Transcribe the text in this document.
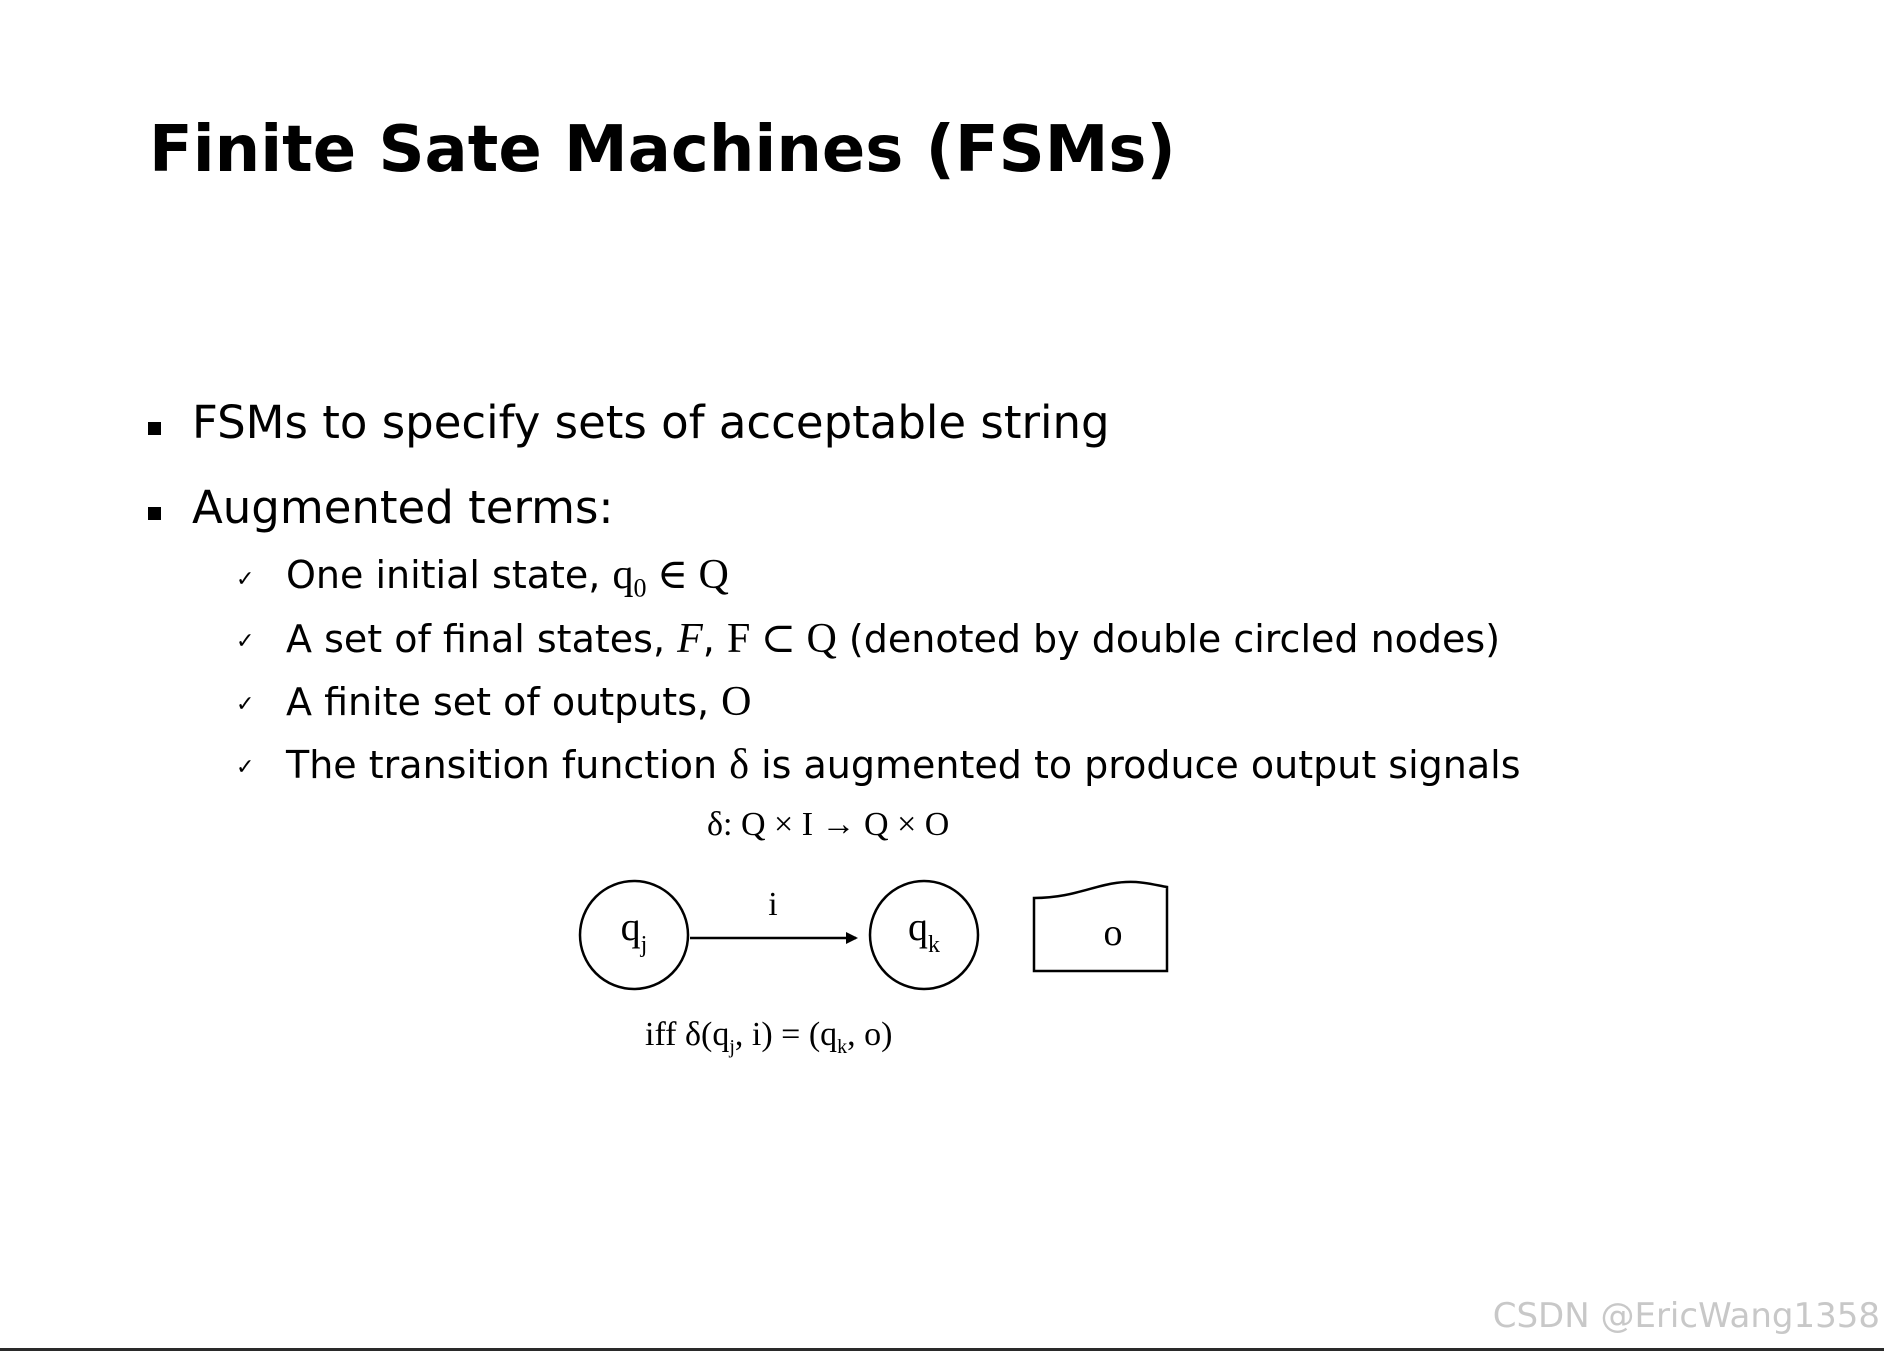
Finite Sate Machines (FSMs)
FSMs to specify sets of acceptable string
Augmented terms:
✓ One initial state, $q_0$ ∈ Q
✓ A set of final states, F, F ⊂ Q (denoted by double circled nodes)
✓ A finite set of outputs, O
✓ The transition function δ is augmented to produce output signals
δ: Q × I → Q × O
$q_j$
i	$q_k$	o
iff $\delta(q_j$, $i) = (q_k$, o)
CSDN @EricWang1358
